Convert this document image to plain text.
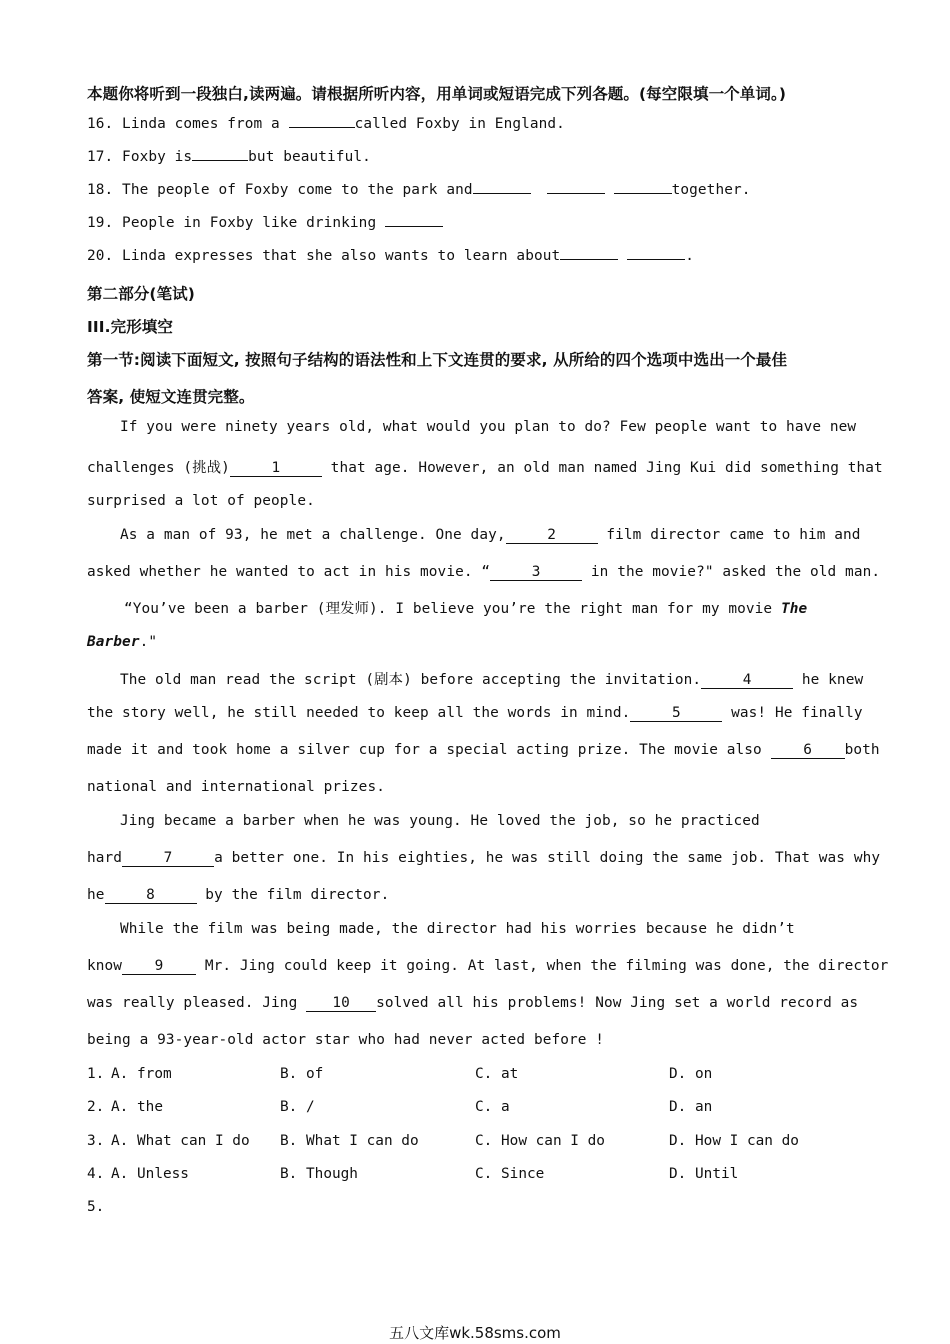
本题你将听到一段独白,读两遍。请根据所听内容，用单词或短语完成下列各题。(每空限填一个单词。)
16. Linda comes from a	called Foxby in England.
17. Foxby is	but beautiful.
18. The people of Foxby come to the park and	together.
19. People in Foxby like drinking
20. Linda expresses that she also wants to learn about	.
第二部分(笔试)
III.完形填空
第一节:阅读下面短文, 按照句子结构的语法性和上下文连贯的要求, 从所给的四个选项中选出一个最佳
答案, 使短文连贯完整。
If you were ninety years old, what would you plan to do? Few people want to have new
challenges (挑战)	1	that age. However, an old man named Jing Kui did something that
surprised a lot of people.
As a man of 93, he met a challenge. One day,	2	film director came to him and
asked whether he wanted to act in his movie. “	3	in the movie?" asked the old man.
“You’ve been a barber (理发师). I believe you’re the right man for my movie The
Barber."
The old man read the script (剧本) before accepting the invitation.	4	he knew
the story well, he still needed to keep all the words in mind.	5	was! He finally
made it and took home a silver cup for a special acting prize. The movie also 6 both
national and international prizes.
Jing became a barber when he was young. He loved the job, so he practiced
hard	7	a better one. In his eighties, he was still doing the same job. That was why
he	8	by the film director.
While the film was being made, the director had his worries because he didn’t
know 9 Mr. Jing could keep it going. At last, when the filming was done, the director
was really pleased. Jing 10 solved all his problems! Now Jing set a world record as
being a 93-year-old actor star who had never acted before !
1. A. from	B. of	C. at	D. on
2. A. the	B. /	C. a	D. an
3. A. What can I do B. What I can do	C. How can I do	D. How I can do
4. A. Unless	B. Though	C. Since	D. Until
5.
五八文库wk.58sms.com
